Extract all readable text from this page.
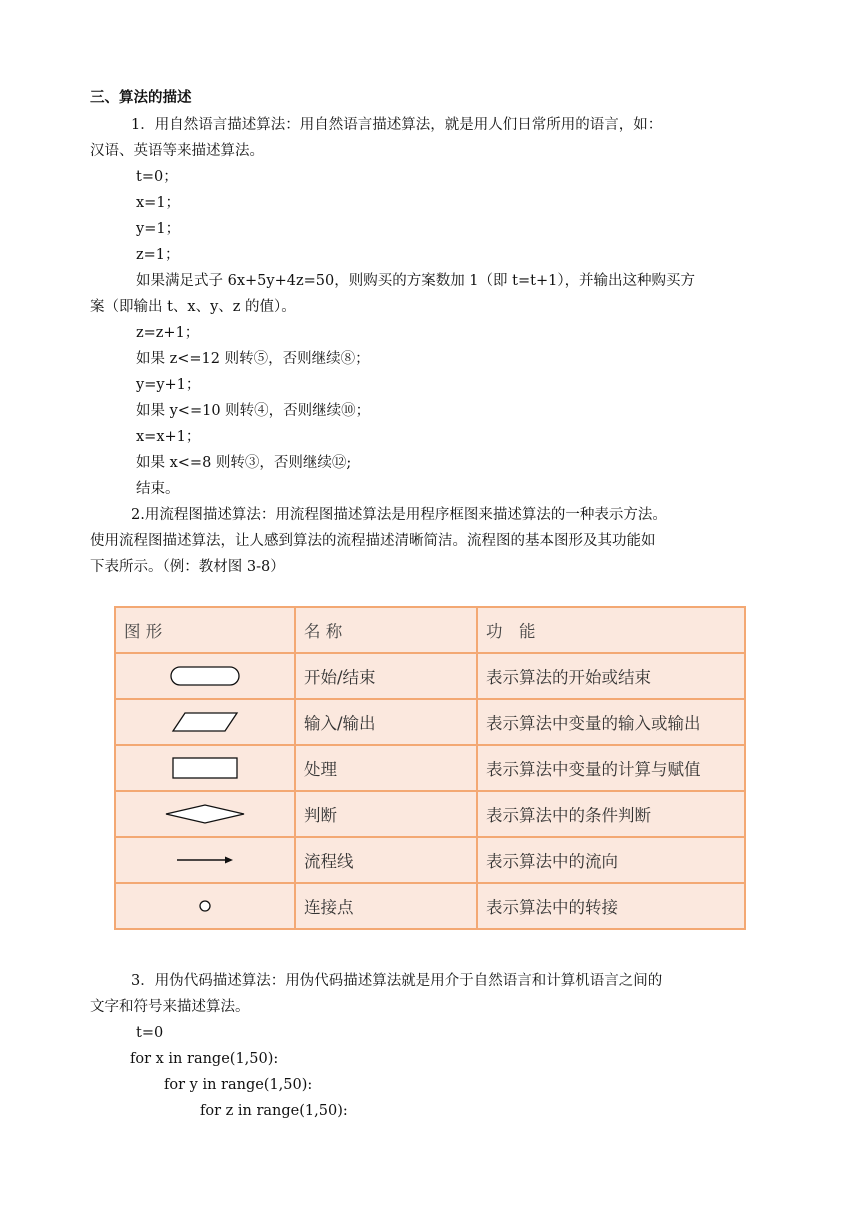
三、算法的描述
1．用自然语言描述算法：用自然语言描述算法，就是用人们日常所用的语言，如：
汉语、英语等来描述算法。
t=0；
x=1；
y=1；
z=1；
如果满足式子 6x+5y+4z=50，则购买的方案数加 1（即 t=t+1），并输出这种购买方
案（即输出 t、x、y、z 的值）。
z=z+1；
如果 z<=12 则转⑤，否则继续⑧；
y=y+1；
如果 y<=10 则转④，否则继续⑩；
x=x+1；
如果 x<=8 则转③，否则继续⑫;
结束。
2.用流程图描述算法：用流程图描述算法是用程序框图来描述算法的一种表示方法。
使用流程图描述算法，让人感到算法的流程描述清晰简洁。流程图的基本图形及其功能如
下表所示。（例：教材图 3-8）
图 形	名 称	功　能

	开始/结束	表示算法的开始或结束

	输入/输出	表示算法中变量的输入或输出

	处理	表示算法中变量的计算与赋值

	判断	表示算法中的条件判断

	流程线	表示算法中的流向

	连接点	表示算法中的转接
3．用伪代码描述算法：用伪代码描述算法就是用介于自然语言和计算机语言之间的
文字和符号来描述算法。
t=0
for x in range(1,50):
for y in range(1,50):
for z in range(1,50):
